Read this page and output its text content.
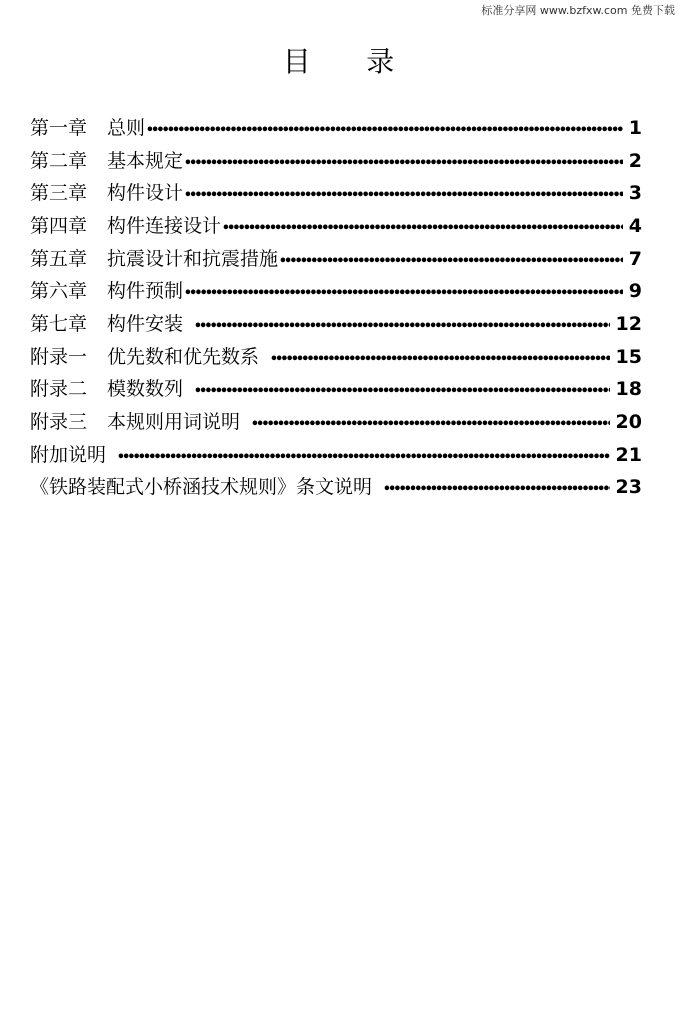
标准分享网 www.bzfxw.com 免费下载
目    录
第一章 总则 •••••	1
第二章 基本规定 •••••	2
第三章 构件设计 •••••	3
第四章 构件连接设计 •••••	4
第五章 抗震设计和抗震措施 •••••	7
第六章 构件预制 •••••	9
第七章 构件安装 •••••	12
附录一 优先数和优先数系 •••••	15
附录二 模数数列 •••••	18
附录三 本规则用词说明 •••••	20
附加说明 •••••	21
《铁路装配式小桥涵技术规则》条文说明 •••••	23
